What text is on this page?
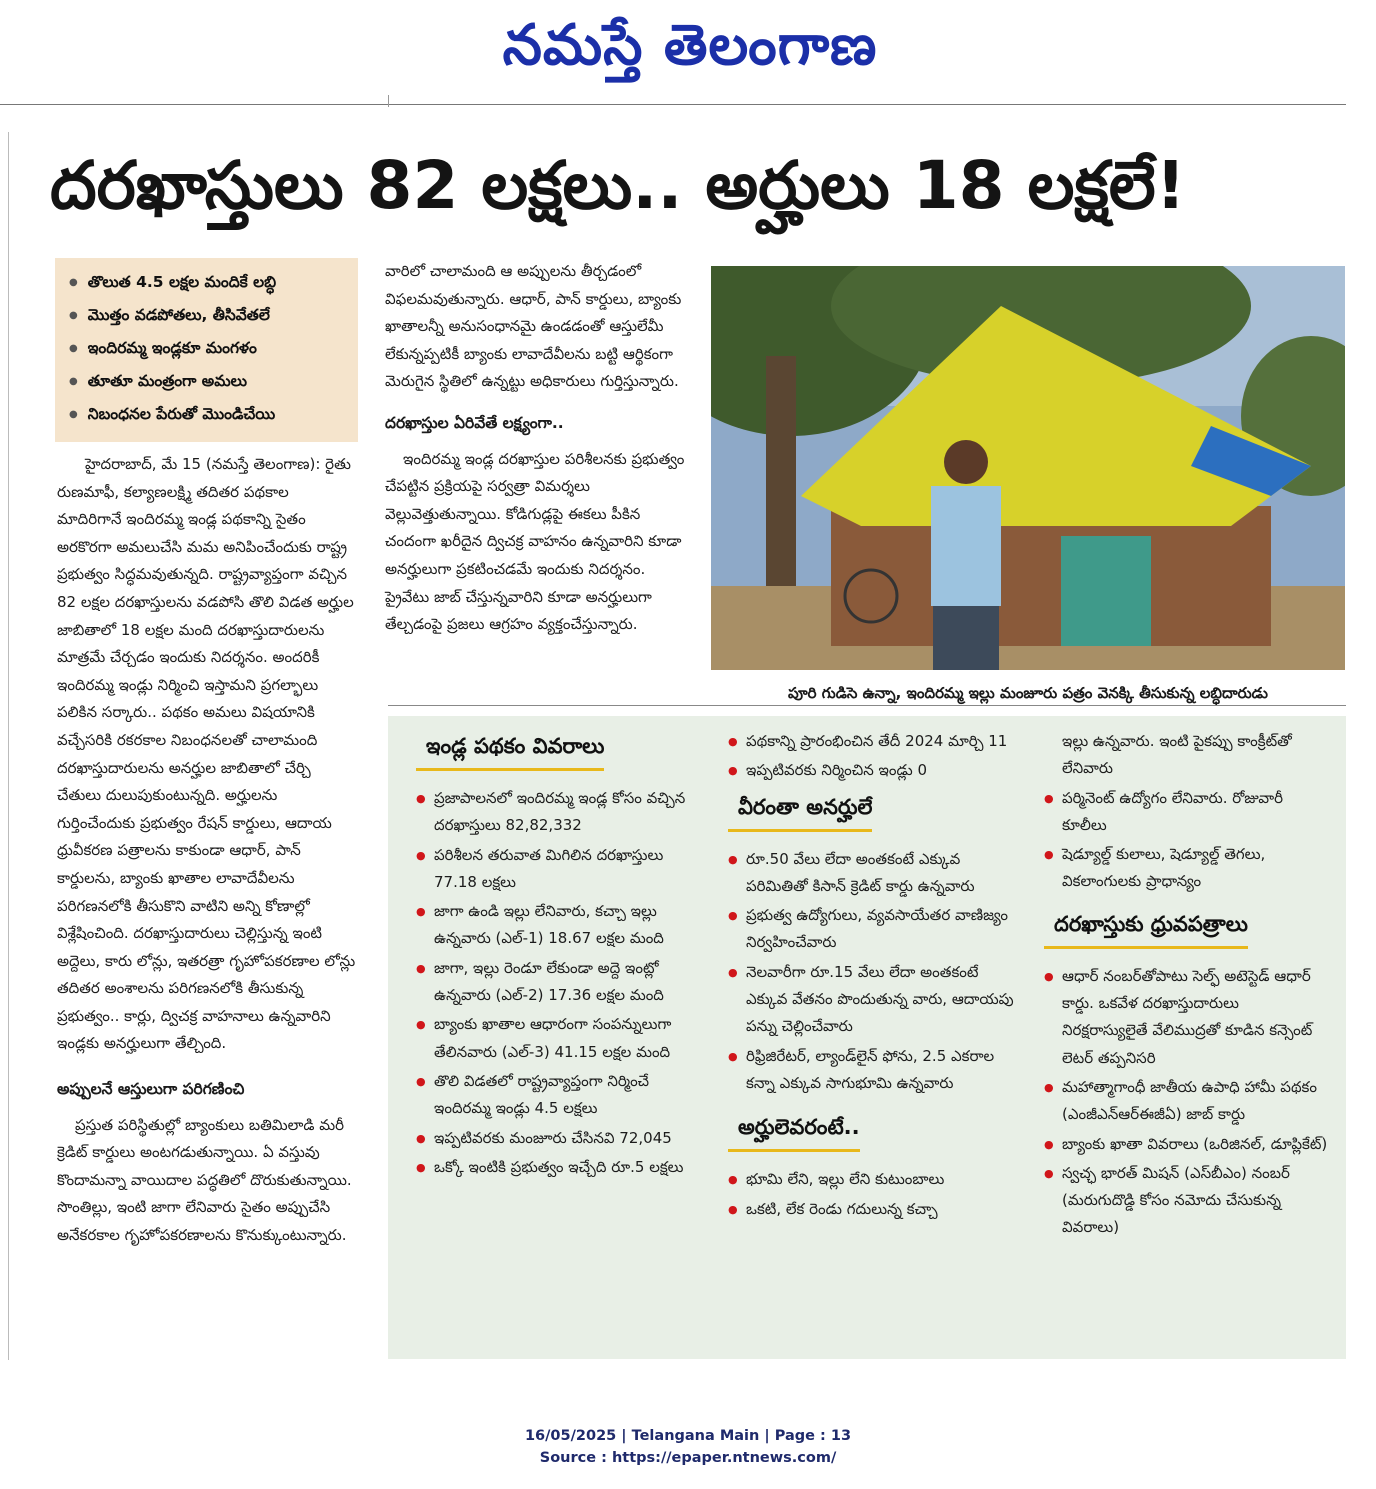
నమస్తే తెలంగాణ
దరఖాస్తులు 82 లక్షలు.. అర్హులు 18 లక్షలే!
● తొలుత 4.5 లక్షల మందికే లబ్ధి
● మొత్తం వడపోతలు, తీసివేతలే
● ఇందిరమ్మ ఇండ్లకూ మంగళం
● తూతూ మంత్రంగా అమలు
● నిబంధనల పేరుతో మొండిచేయి

హైదరాబాద్, మే 15 (నమస్తే తెలంగాణ): రైతు రుణమాఫీ, కల్యాణలక్ష్మి తదితర పథకాల మాదిరిగానే ఇందిరమ్మ ఇండ్ల పథకాన్ని సైతం అరకొరగా అమలుచేసి మమ అనిపించేందుకు రాష్ట్ర ప్రభుత్వం సిద్ధమవుతున్నది. రాష్ట్రవ్యాప్తంగా వచ్చిన 82 లక్షల దరఖాస్తులను వడపోసి తొలి విడత అర్హుల జాబితాలో 18 లక్షల మంది దరఖాస్తుదారులను మాత్రమే చేర్చడం ఇందుకు నిదర్శనం. అందరికీ ఇందిరమ్మ ఇండ్లు నిర్మించి ఇస్తామని ప్రగల్భాలు పలికిన సర్కారు.. పథకం అమలు విషయానికి వచ్చేసరికి రకరకాల నిబంధనలతో చాలామంది దరఖాస్తుదారులను అనర్హుల జాబితాలో చేర్చి చేతులు దులుపుకుంటున్నది. అర్హులను గుర్తించేందుకు ప్రభుత్వం రేషన్ కార్డులు, ఆదాయ ధ్రువీకరణ పత్రాలను కాకుండా ఆధార్, పాన్ కార్డులను, బ్యాంకు ఖాతాల లావాదేవీలను పరిగణనలోకి తీసుకొని వాటిని అన్ని కోణాల్లో విశ్లేషించింది. దరఖాస్తుదారులు చెల్లిస్తున్న ఇంటి అద్దెలు, కారు లోన్లు, ఇతరత్రా గృహోపకరణాల లోన్లు తదితర అంశాలను పరిగణనలోకి తీసుకున్న ప్రభుత్వం.. కార్లు, ద్విచక్ర వాహనాలు ఉన్నవారిని ఇండ్లకు అనర్హులుగా తేల్చింది.

అప్పులనే ఆస్తులుగా పరిగణించి

ప్రస్తుత పరిస్థితుల్లో బ్యాంకులు బతిమిలాడి మరీ క్రెడిట్ కార్డులు అంటగడుతున్నాయి. ఏ వస్తువు కొందామన్నా వాయిదాల పద్ధతిలో దొరుకుతున్నాయి. సొంతిల్లు, ఇంటి జాగా లేనివారు సైతం అప్పుచేసి అనేకరకాల గృహోపకరణాలను కొనుక్కుంటున్నారు.

వారిలో చాలామంది ఆ అప్పులను తీర్చడంలో విఫలమవుతున్నారు. ఆధార్, పాన్ కార్డులు, బ్యాంకు ఖాతాలన్నీ అనుసంధానమై ఉండడంతో ఆస్తులేమీ లేకున్నప్పటికీ బ్యాంకు లావాదేవీలను బట్టి ఆర్థికంగా మెరుగైన స్థితిలో ఉన్నట్టు అధికారులు గుర్తిస్తున్నారు.

దరఖాస్తుల ఏరివేతే లక్ష్యంగా..

ఇందిరమ్మ ఇండ్ల దరఖాస్తుల పరిశీలనకు ప్రభుత్వం చేపట్టిన ప్రక్రియపై సర్వత్రా విమర్శలు వెల్లువెత్తుతున్నాయి. కోడిగుడ్లపై ఈకలు పీకిన చందంగా ఖరీదైన ద్విచక్ర వాహనం ఉన్నవారిని కూడా అనర్హులుగా ప్రకటించడమే ఇందుకు నిదర్శనం. ప్రైవేటు జాబ్ చేస్తున్నవారిని కూడా అనర్హులుగా తేల్చడంపై ప్రజలు ఆగ్రహం వ్యక్తంచేస్తున్నారు.

పూరి గుడిసె ఉన్నా, ఇందిరమ్మ ఇల్లు మంజూరు పత్రం వెనక్కి తీసుకున్న లబ్ధిదారుడు
ఇండ్ల పథకం వివరాలు
● ప్రజాపాలనలో ఇందిరమ్మ ఇండ్ల కోసం వచ్చిన దరఖాస్తులు 82,82,332
● పరిశీలన తరువాత మిగిలిన దరఖాస్తులు 77.18 లక్షలు
● జాగా ఉండి ఇల్లు లేనివారు, కచ్చా ఇల్లు ఉన్నవారు (ఎల్-1) 18.67 లక్షల మంది
● జాగా, ఇల్లు రెండూ లేకుండా అద్దె ఇంట్లో ఉన్నవారు (ఎల్-2) 17.36 లక్షల మంది
● బ్యాంకు ఖాతాల ఆధారంగా సంపన్నులుగా తేలినవారు (ఎల్-3) 41.15 లక్షల మంది
● తొలి విడతలో రాష్ట్రవ్యాప్తంగా నిర్మించే ఇందిరమ్మ ఇండ్లు 4.5 లక్షలు
● ఇప్పటివరకు మంజూరు చేసినవి 72,045
● ఒక్కో ఇంటికి ప్రభుత్వం ఇచ్చేది రూ.5 లక్షలు
● పథకాన్ని ప్రారంభించిన తేదీ 2024 మార్చి 11
● ఇప్పటివరకు నిర్మించిన ఇండ్లు 0
వీరంతా అనర్హులే
● రూ.50 వేలు లేదా అంతకంటే ఎక్కువ పరిమితితో కిసాన్ క్రెడిట్ కార్డు ఉన్నవారు
● ప్రభుత్వ ఉద్యోగులు, వ్యవసాయేతర వాణిజ్యం నిర్వహించేవారు
● నెలవారీగా రూ.15 వేలు లేదా అంతకంటే ఎక్కువ వేతనం పొందుతున్న వారు, ఆదాయపు పన్ను చెల్లించేవారు
● రిఫ్రిజిరేటర్, ల్యాండ్‌లైన్ ఫోను, 2.5 ఎకరాల కన్నా ఎక్కువ సాగుభూమి ఉన్నవారు
అర్హులెవరంటే..
● భూమి లేని, ఇల్లు లేని కుటుంబాలు
● ఒకటి, లేక రెండు గదులున్న కచ్చా
ఇల్లు ఉన్నవారు. ఇంటి పైకప్పు కాంక్రీట్‌తో లేనివారు
● పర్మినెంట్ ఉద్యోగం లేనివారు. రోజువారీ కూలీలు
● షెడ్యూల్డ్ కులాలు, షెడ్యూల్డ్ తెగలు, వికలాంగులకు ప్రాధాన్యం
దరఖాస్తుకు ధ్రువపత్రాలు
● ఆధార్ నంబర్‌తోపాటు సెల్ఫ్ అటెస్టెడ్ ఆధార్ కార్డు. ఒకవేళ దరఖాస్తుదారులు నిరక్షరాస్యులైతే వేలిముద్రతో కూడిన కన్సెంట్ లెటర్ తప్పనిసరి
● మహాత్మాగాంధీ జాతీయ ఉపాధి హామీ పథకం (ఎంజీఎన్‌ఆర్‌ఈజీఏ) జాబ్ కార్డు
● బ్యాంకు ఖాతా వివరాలు (ఒరిజినల్, డూప్లికేట్)
● స్వచ్ఛ భారత్ మిషన్ (ఎస్‌బీఎం) నంబర్ (మరుగుదొడ్డి కోసం నమోదు చేసుకున్న వివరాలు)
16/05/2025 | Telangana Main | Page : 13
Source : https://epaper.ntnews.com/
